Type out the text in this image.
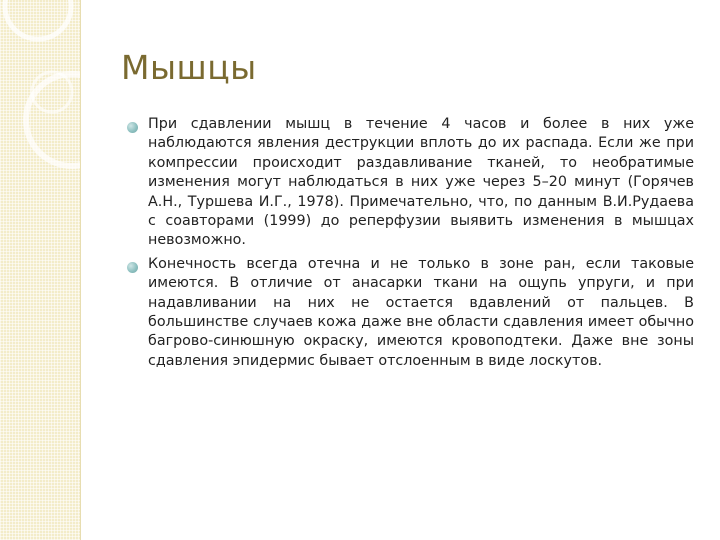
Мышцы
При сдавлении мышц в течение 4 часов и более в них уже наблюдаются явления деструкции вплоть до их распада. Если же при компрессии происходит раздавливание тканей, то необратимые изменения могут наблюдаться в них уже через 5–20 минут (Горячев А.Н., Туршева И.Г., 1978). Примечательно, что, по данным В.И.Рудаева с соавторами (1999) до реперфузии выявить изменения в мышцах невозможно.
Конечность всегда отечна и не только в зоне ран, если таковые имеются. В отличие от анасарки ткани на ощупь упруги, и при надавливании на них не остается вдавлений от пальцев. В большинстве случаев кожа даже вне области сдавления имеет обычно багрово-синюшную окраску, имеются кровоподтеки. Даже вне зоны сдавления эпидермис бывает отслоенным в виде лоскутов.
